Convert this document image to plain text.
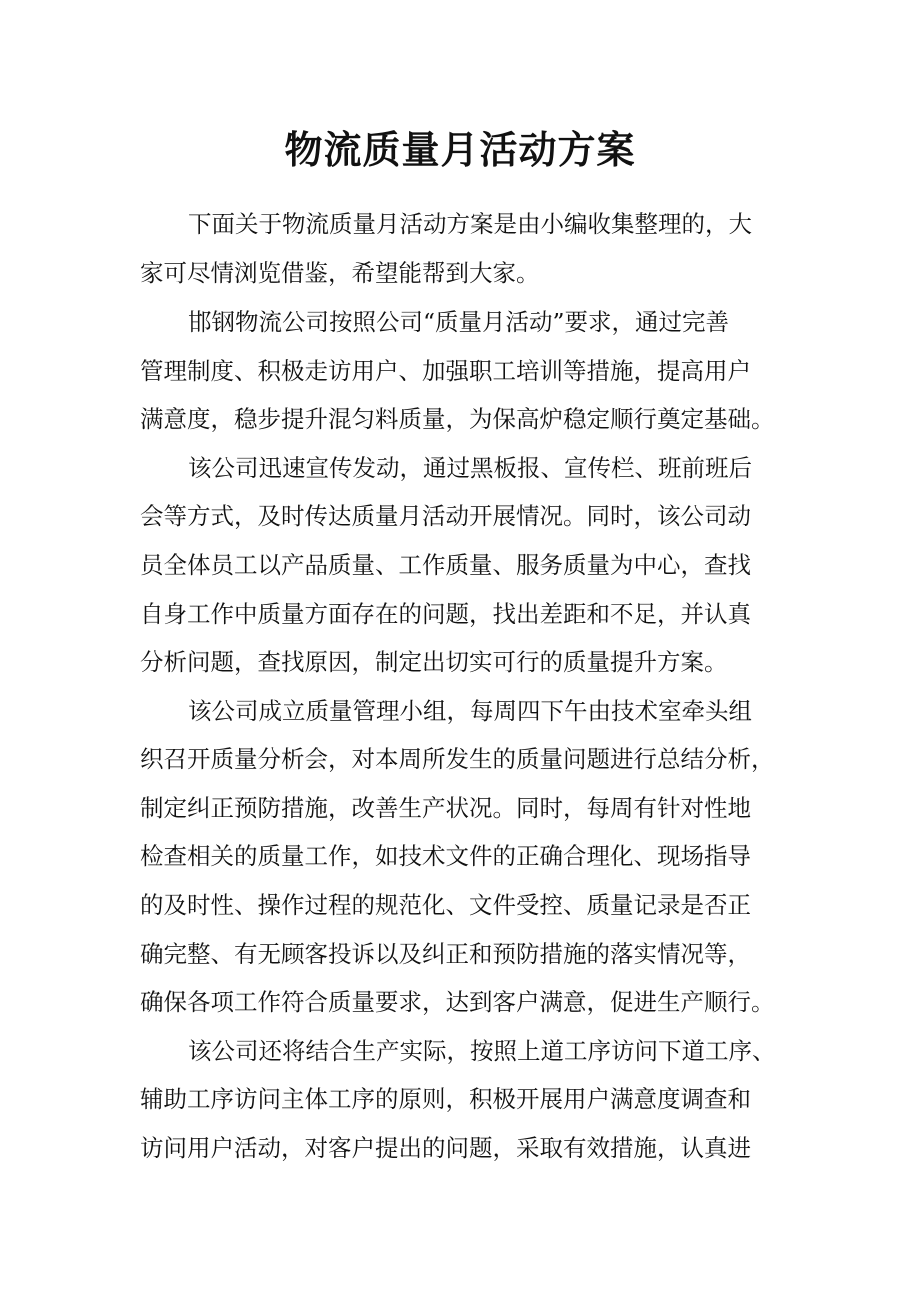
物流质量月活动方案
下面关于物流质量月活动方案是由小编收集整理的，大
家可尽情浏览借鉴，希望能帮到大家。
邯钢物流公司按照公司“质量月活动”要求，通过完善
管理制度、积极走访用户、加强职工培训等措施，提高用户
满意度，稳步提升混匀料质量，为保高炉稳定顺行奠定基础。
该公司迅速宣传发动，通过黑板报、宣传栏、班前班后
会等方式，及时传达质量月活动开展情况。同时，该公司动
员全体员工以产品质量、工作质量、服务质量为中心，查找
自身工作中质量方面存在的问题，找出差距和不足，并认真
分析问题，查找原因，制定出切实可行的质量提升方案。
该公司成立质量管理小组，每周四下午由技术室牵头组
织召开质量分析会，对本周所发生的质量问题进行总结分析，
制定纠正预防措施，改善生产状况。同时，每周有针对性地
检查相关的质量工作，如技术文件的正确合理化、现场指导
的及时性、操作过程的规范化、文件受控、质量记录是否正
确完整、有无顾客投诉以及纠正和预防措施的落实情况等，
确保各项工作符合质量要求，达到客户满意，促进生产顺行。
该公司还将结合生产实际，按照上道工序访问下道工序、
辅助工序访问主体工序的原则，积极开展用户满意度调查和
访问用户活动，对客户提出的问题，采取有效措施，认真进
